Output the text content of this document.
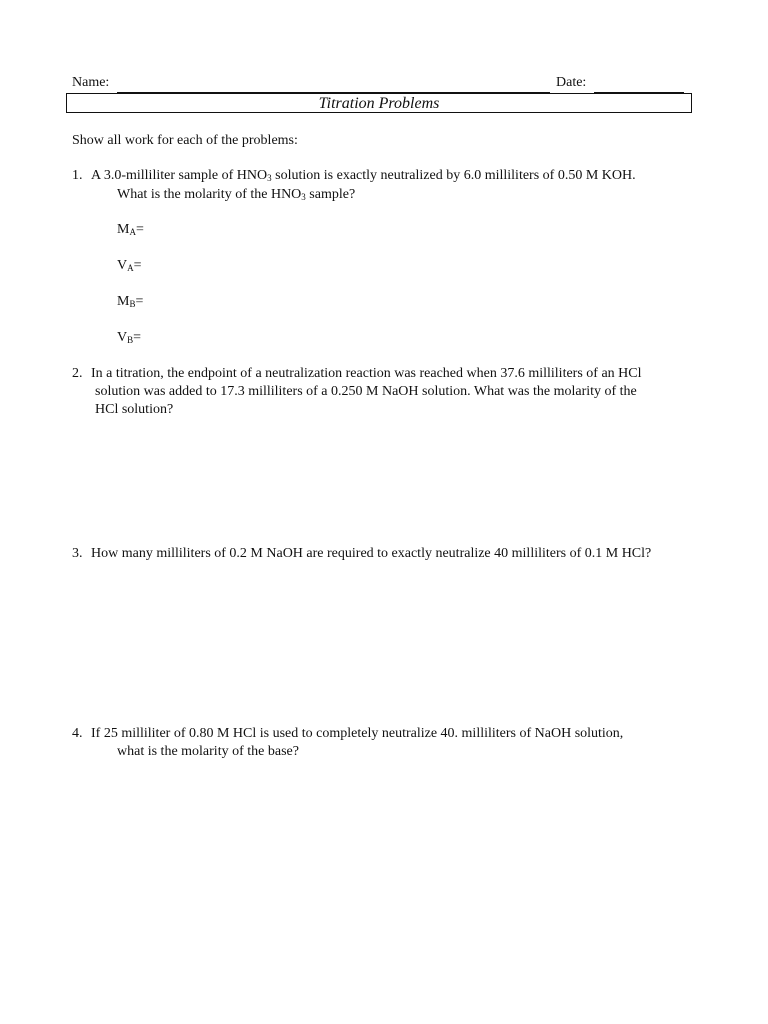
Name:	Date:
Titration Problems
Show all work for each of the problems:
1. A 3.0-milliliter sample of $HNO_3$ solution is exactly neutralized by 6.0 milliliters of 0.50 M KOH.
What is the molarity of the $HNO_3$ sample?
$M_A=$
$V_A=$
$M_B=$
$V_B=$
2. In a titration, the endpoint of a neutralization reaction was reached when 37.6 milliliters of an HCl
solution was added to 17.3 milliliters of a 0.250 M NaOH solution. What was the molarity of the
HCl solution?
3. How many milliliters of 0.2 M NaOH are required to exactly neutralize 40 milliliters of 0.1 M HCl?
4. If 25 milliliter of 0.80 M HCl is used to completely neutralize 40. milliliters of NaOH solution,
what is the molarity of the base?
